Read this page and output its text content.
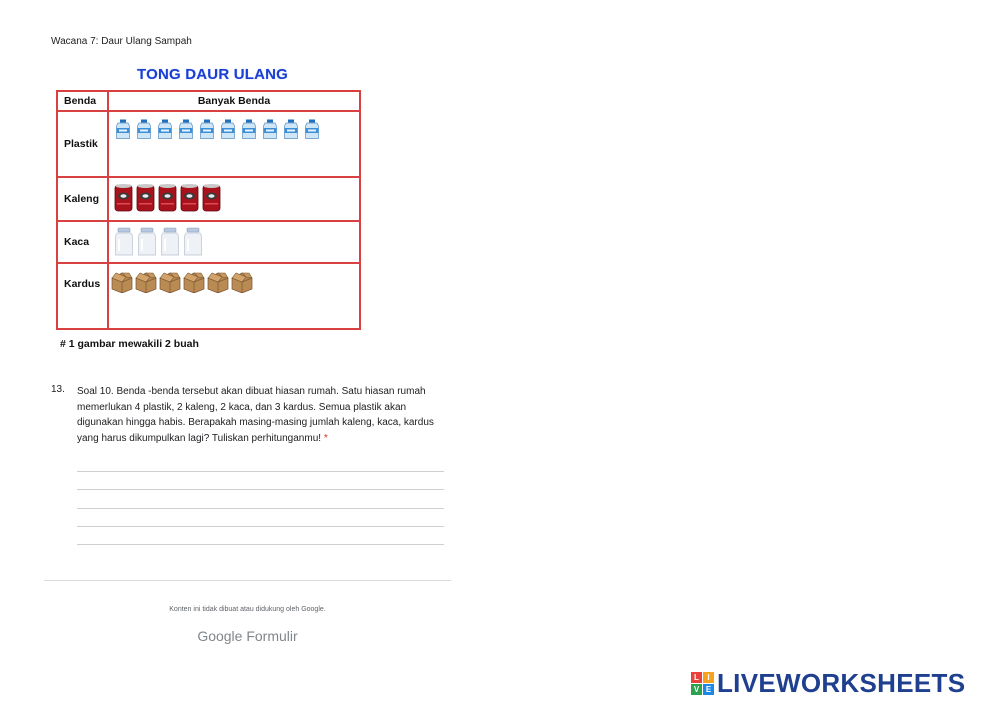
Wacana 7: Daur Ulang Sampah
TONG DAUR ULANG
Benda	Banyak Benda
Plastik
Kaleng
Kaca
Kardus
# 1 gambar mewakili 2 buah
13. Soal 10. Benda -benda tersebut akan dibuat hiasan rumah. Satu hiasan rumah memerlukan 4 plastik, 2 kaleng, 2 kaca, dan 3 kardus. Semua plastik akan digunakan hingga habis. Berapakah masing-masing jumlah kaleng, kaca, kardus yang harus dikumpulkan lagi? Tuliskan perhitunganmu! *
Konten ini tidak dibuat atau didukung oleh Google.
Google Formulir
L	I
V E LIVEWORKSHEETS
